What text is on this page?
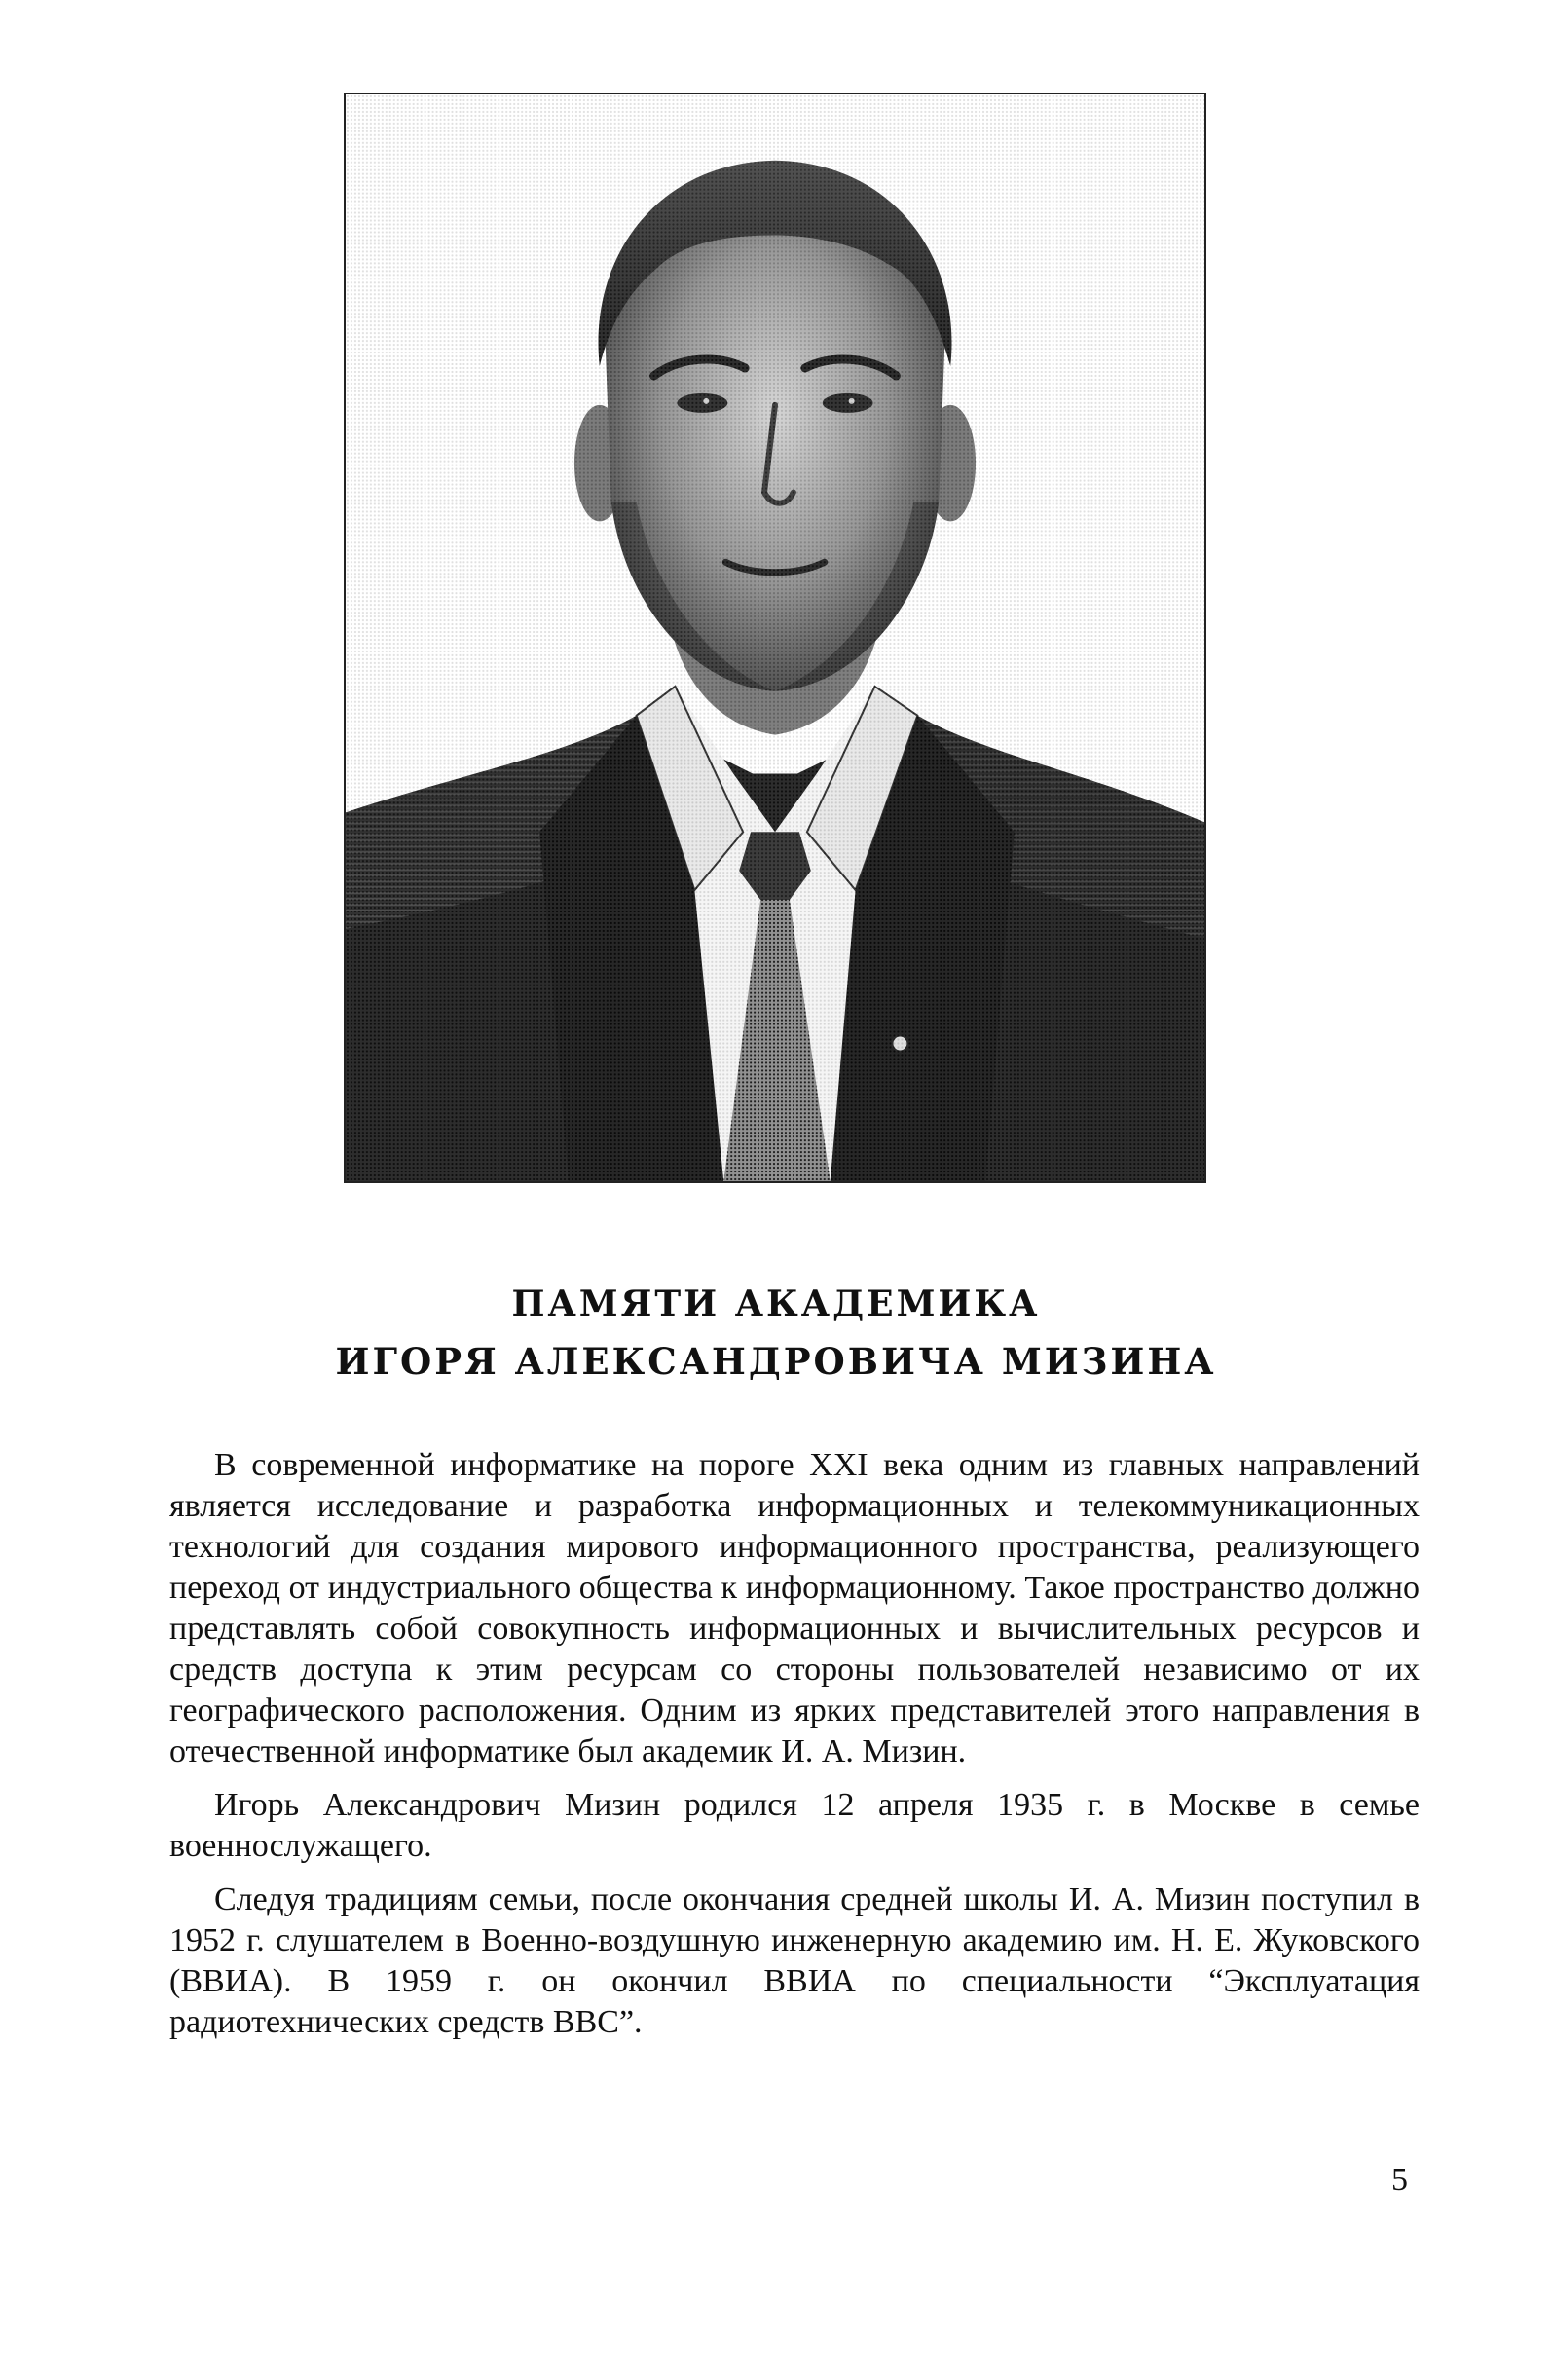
ПАМЯТИ АКАДЕМИКА
ИГОРЯ АЛЕКСАНДРОВИЧА МИЗИНА

В современной информатике на пороге XXI века одним из главных направлений является исследование и разработка информационных и телекоммуникационных технологий для создания мирового информационного пространства, реализующего переход от индустриального общества к информационному. Такое пространство должно представлять собой совокупность информационных и вычислительных ресурсов и средств доступа к этим ресурсам со стороны пользователей независимо от их географического расположения. Одним из ярких представителей этого направления в отечественной информатике был академик И. А. Мизин.

Игорь Александрович Мизин родился 12 апреля 1935 г. в Москве в семье военнослужащего.

Следуя традициям семьи, после окончания средней школы И. А. Мизин поступил в 1952 г. слушателем в Военно-воздушную инженерную академию им. Н. Е. Жуковского (ВВИА). В 1959 г. он окончил ВВИА по специальности “Эксплуатация радиотехнических средств ВВС”.

5
